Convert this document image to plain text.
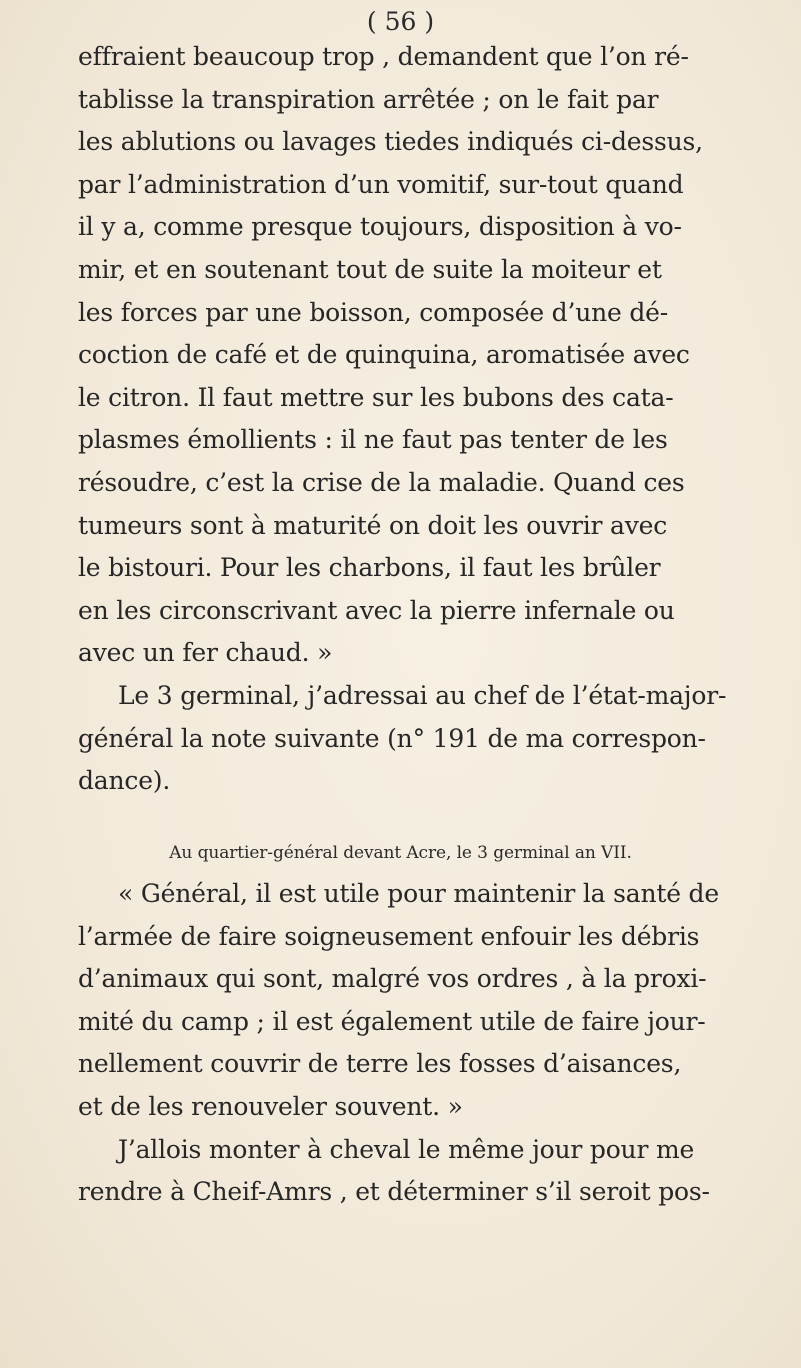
( 56 )
effraient beaucoup trop , demandent que l’on ré-
tablisse la transpiration arrêtée ; on le fait par
les ablutions ou lavages tiedes indiqués ci-dessus,
par l’administration d’un vomitif, sur-tout quand
il y a, comme presque toujours, disposition à vo-
mir, et en soutenant tout de suite la moiteur et
les forces par une boisson, composée d’une dé-
coction de café et de quinquina, aromatisée avec
le citron. Il faut mettre sur les bubons des cata-
plasmes émollients : il ne faut pas tenter de les
résoudre, c’est la crise de la maladie. Quand ces
tumeurs sont à maturité on doit les ouvrir avec
le bistouri. Pour les charbons, il faut les brûler
en les circonscrivant avec la pierre infernale ou
avec un fer chaud. »
Le 3 germinal, j’adressai au chef de l’état-major-
général la note suivante (n° 191 de ma correspon-
dance).
Au quartier-général devant Acre, le 3 germinal an VII.
« Général, il est utile pour maintenir la santé de
l’armée de faire soigneusement enfouir les débris
d’animaux qui sont, malgré vos ordres , à la proxi-
mité du camp ; il est également utile de faire jour-
nellement couvrir de terre les fosses d’aisances,
et de les renouveler souvent. »
J’allois monter à cheval le même jour pour me
rendre à Cheif-Amrs , et déterminer s’il seroit pos-
